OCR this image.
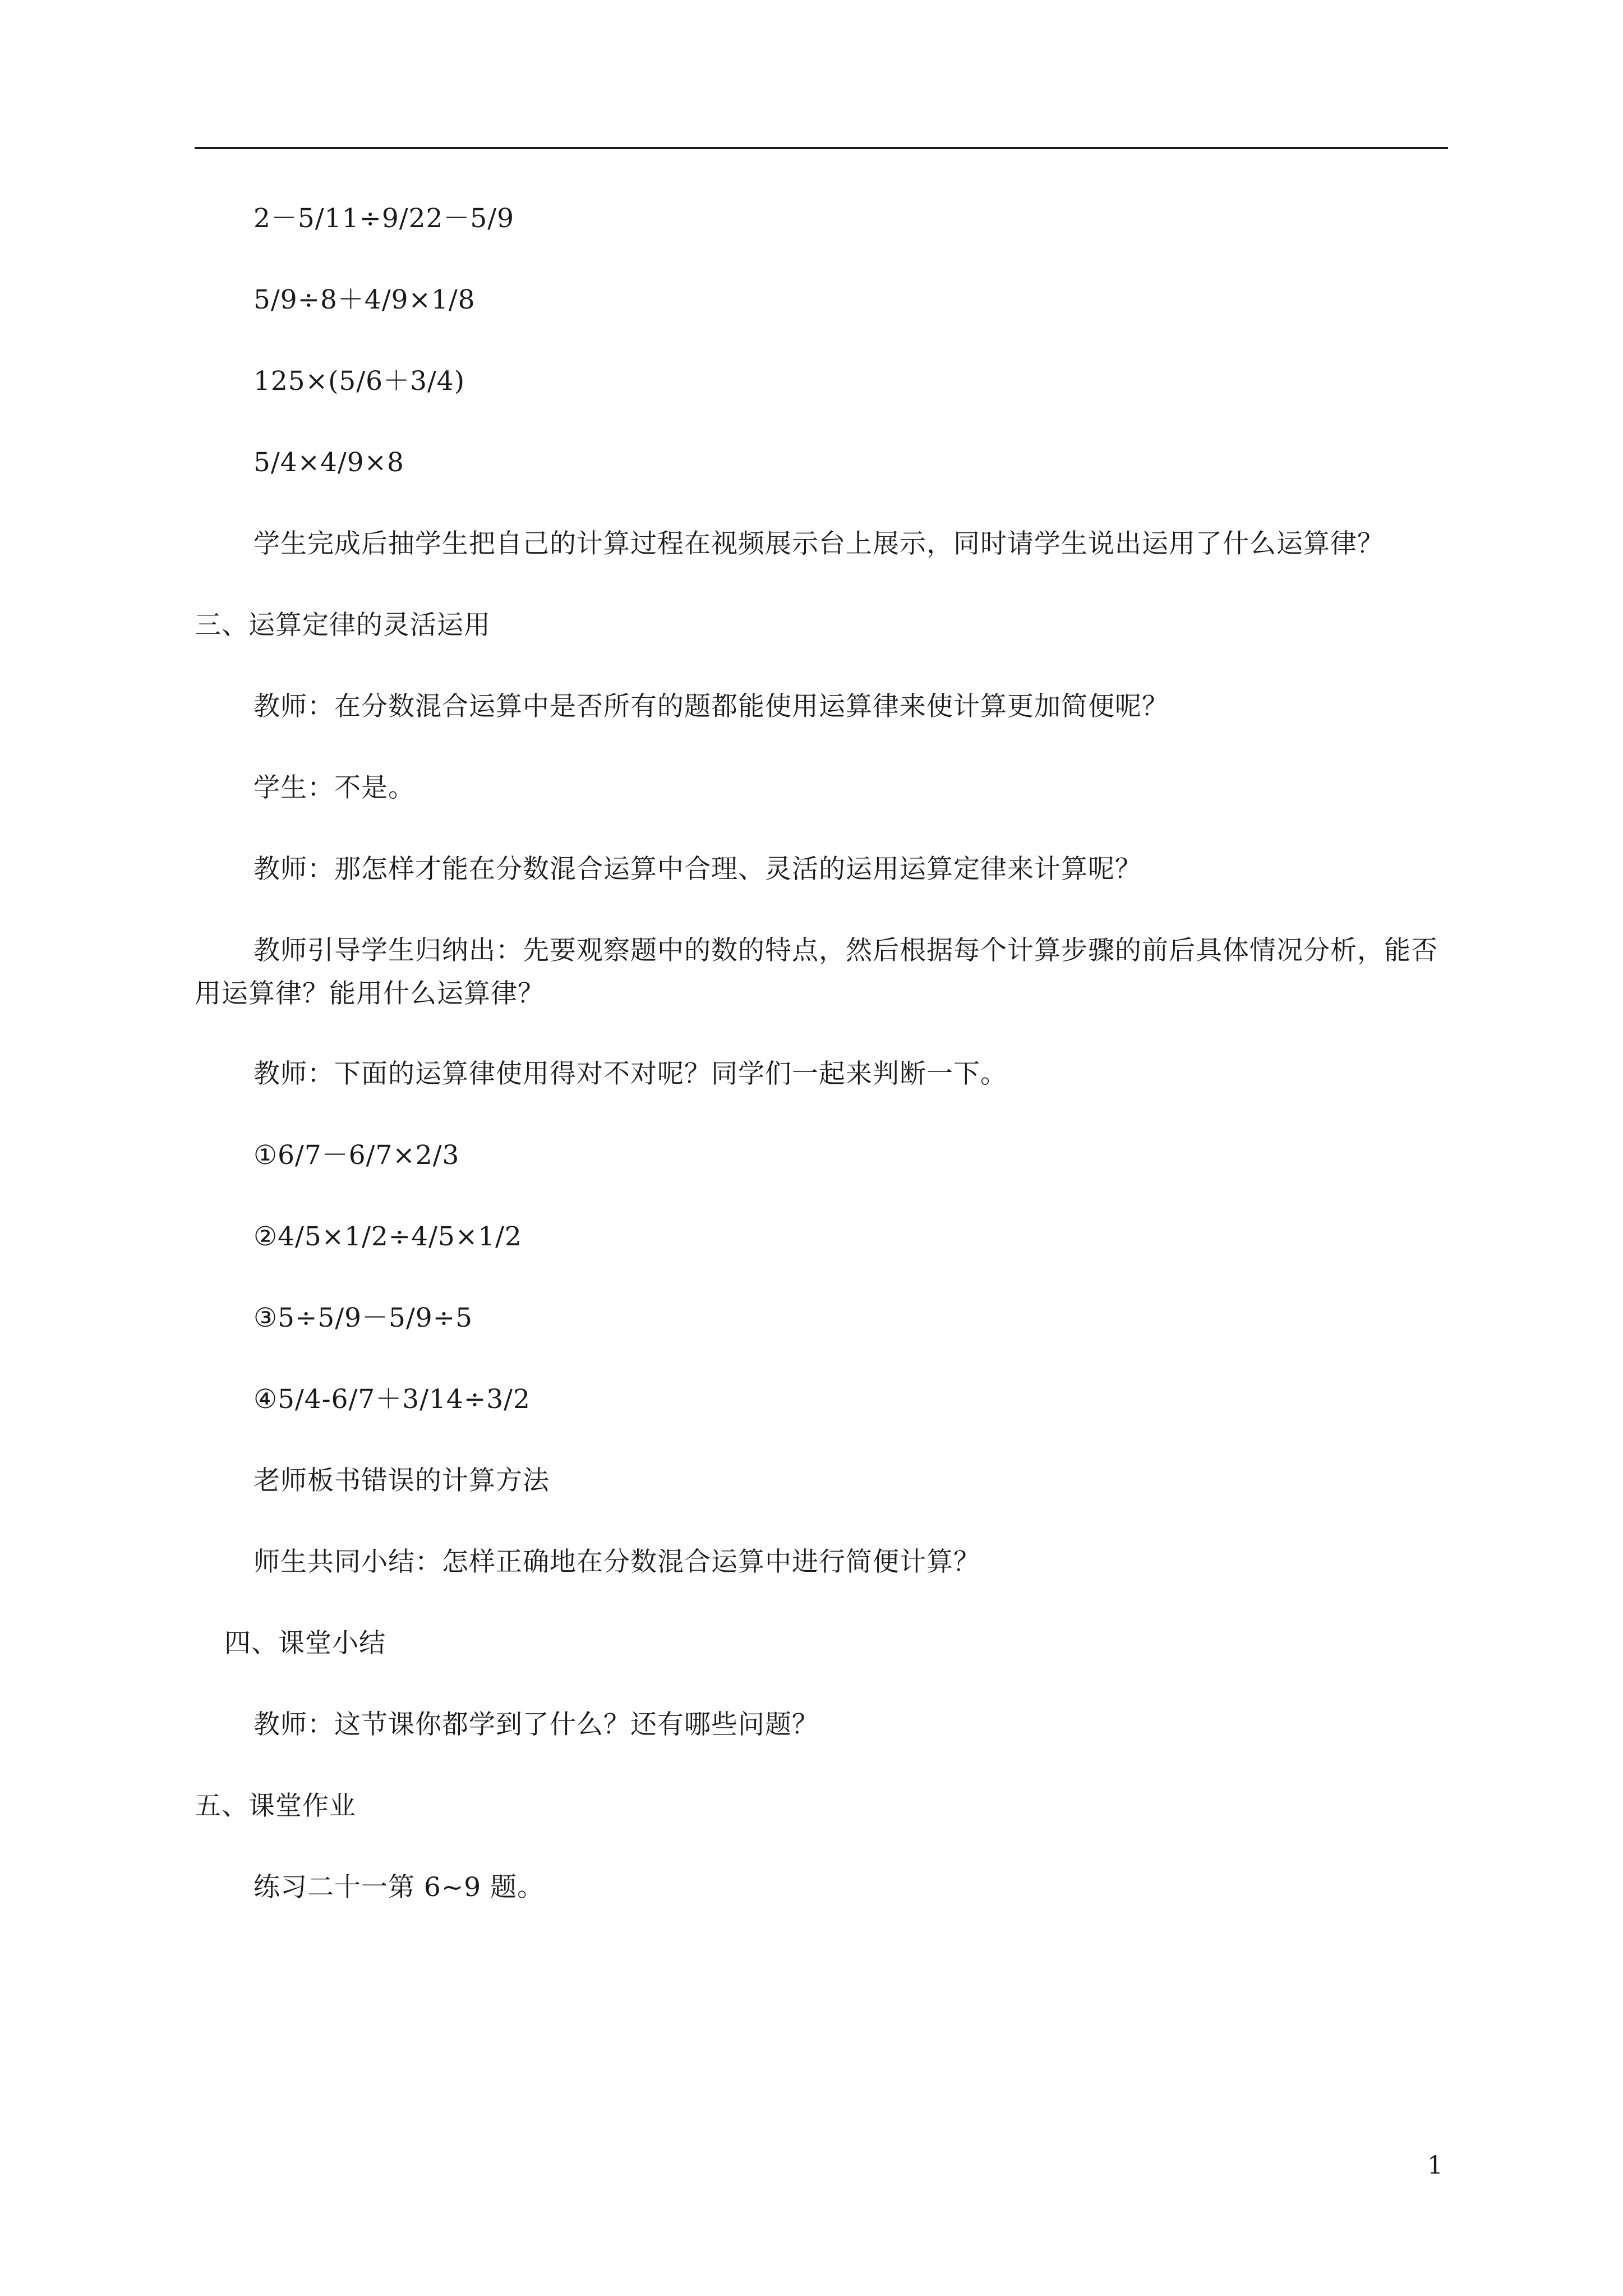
2－5/11÷9/22－5/9
5/9÷8＋4/9×1/8
125×(5/6＋3/4)
5/4×4/9×8
学生完成后抽学生把自己的计算过程在视频展示台上展示，同时请学生说出运用了什么运算律？
三、运算定律的灵活运用
教师：在分数混合运算中是否所有的题都能使用运算律来使计算更加简便呢？
学生：不是。
教师：那怎样才能在分数混合运算中合理、灵活的运用运算定律来计算呢？
教师引导学生归纳出：先要观察题中的数的特点，然后根据每个计算步骤的前后具体情况分析，能否用运算律？能用什么运算律？
教师：下面的运算律使用得对不对呢？同学们一起来判断一下。
①6/7－6/7×2/3
②4/5×1/2÷4/5×1/2
③5÷5/9－5/9÷5
④5/4-6/7＋3/14÷3/2
老师板书错误的计算方法
师生共同小结：怎样正确地在分数混合运算中进行简便计算？
四、课堂小结
教师：这节课你都学到了什么？还有哪些问题？
五、课堂作业
练习二十一第 6~9 题。
1
